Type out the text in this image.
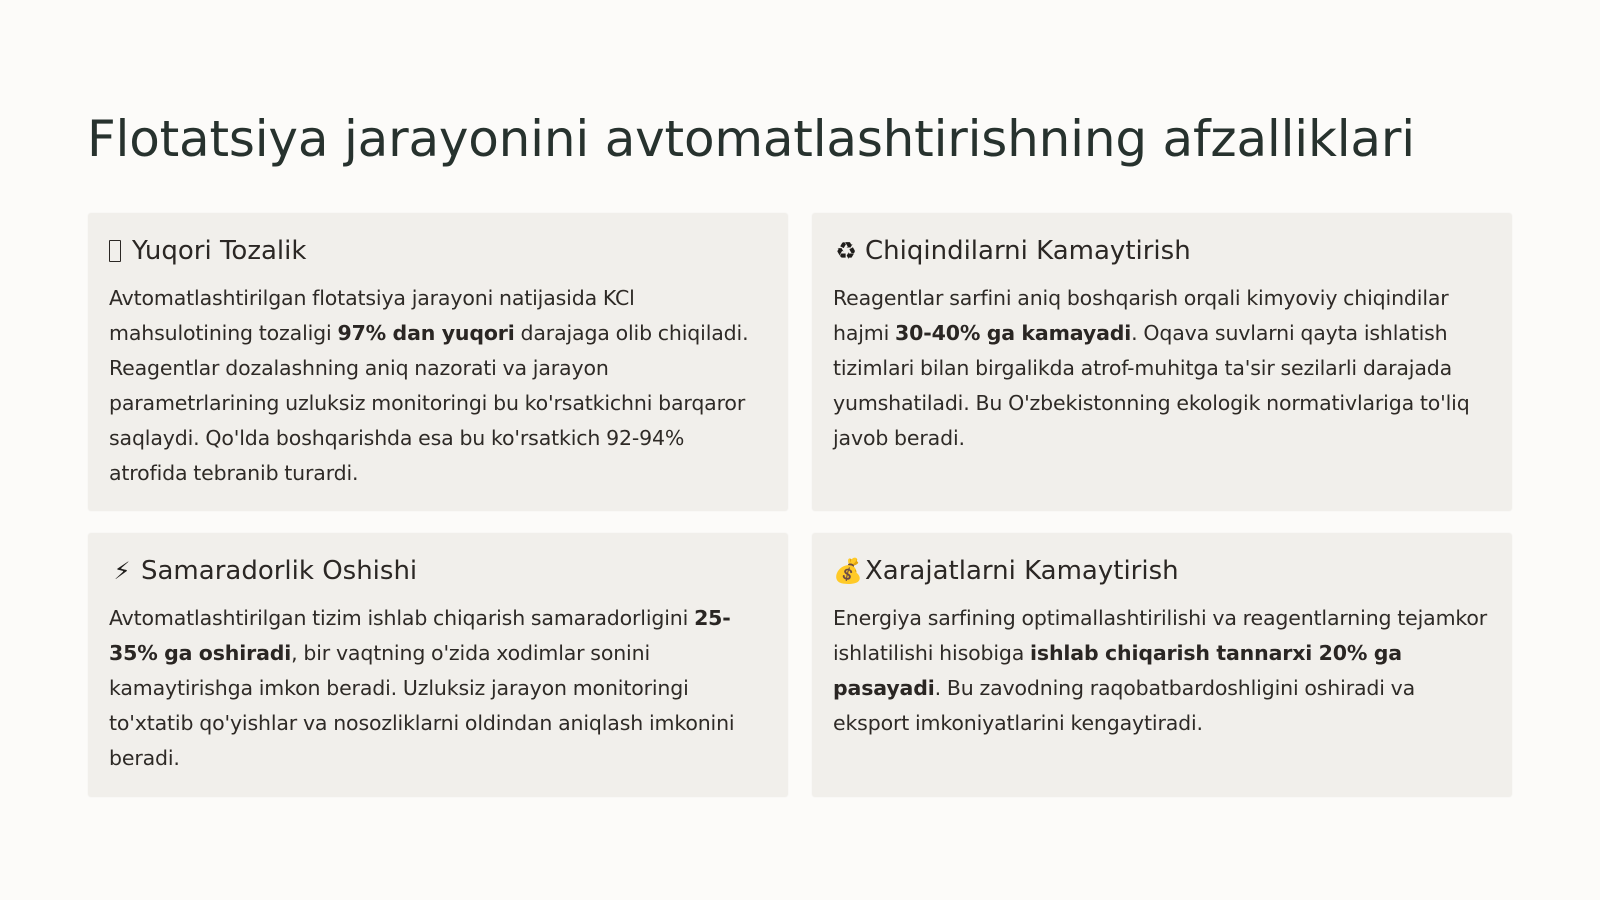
Flotatsiya jarayonini avtomatlashtirishning afzalliklari
Yuqori Tozalik

Avtomatlashtirilgan flotatsiya jarayoni natijasida KCl mahsulotining tozaligi 97% dan yuqori darajaga olib chiqiladi. Reagentlar dozalashning aniq nazorati va jarayon parametrlarining uzluksiz monitoringi bu ko'rsatkichni barqaror saqlaydi. Qo'lda boshqarishda esa bu ko'rsatkich 92-94% atrofida tebranib turardi.

♻ Chiqindilarni Kamaytirish

Reagentlar sarfini aniq boshqarish orqali kimyoviy chiqindilar hajmi 30-40% ga kamayadi. Oqava suvlarni qayta ishlatish tizimlari bilan birgalikda atrof-muhitga ta'sir sezilarli darajada yumshatiladi. Bu O'zbekistonning ekologik normativlariga to'liq javob beradi.

⚡ Samaradorlik Oshishi

Avtomatlashtirilgan tizim ishlab chiqarish samaradorligini 25-35% ga oshiradi, bir vaqtning o'zida xodimlar sonini kamaytirishga imkon beradi. Uzluksiz jarayon monitoringi to'xtatib qo'yishlar va nosozliklarni oldindan aniqlash imkonini beradi.

💰 Xarajatlarni Kamaytirish

Energiya sarfining optimallashtirilishi va reagentlarning tejamkor ishlatilishi hisobiga ishlab chiqarish tannarxi 20% ga pasayadi. Bu zavodning raqobatbardoshligini oshiradi va eksport imkoniyatlarini kengaytiradi.
